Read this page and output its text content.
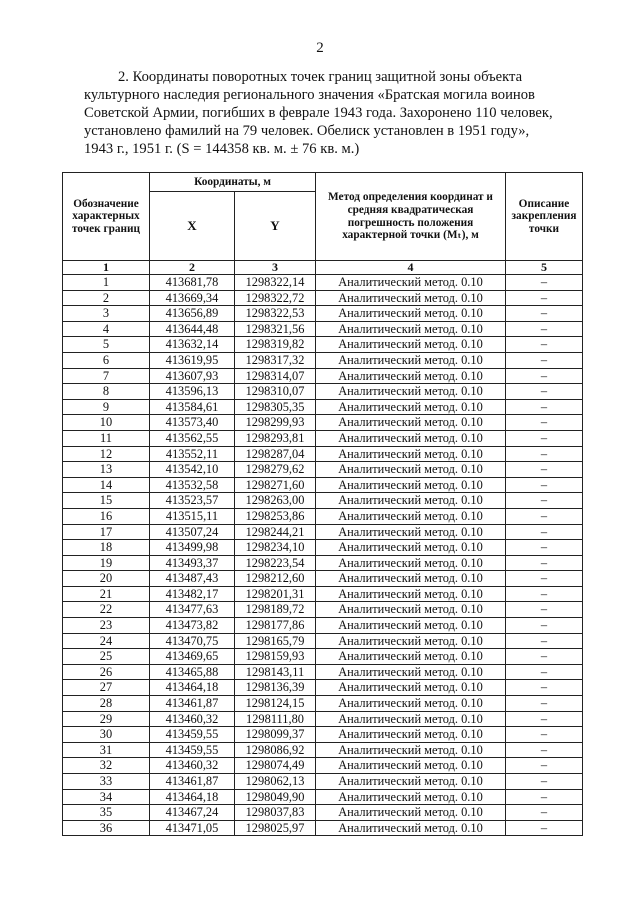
2
2. Координаты поворотных точек границ защитной зоны объекта
культурного наследия регионального значения «Братская могила воинов
Советской Армии, погибших в феврале 1943 года. Захоронено 110 человек,
установлено фамилий на 79 человек. Обелиск установлен в 1951 году»,
1943 г., 1951 г. (S = 144358 кв. м. ± 76 кв. м.)
Обозначение характерных точек границ	Координаты, м		Метод определения координат и средняя квадратическая погрешность положения характерной точки (Mₜ), м	Описание закрепления точки
	X	Y		
1	2	3	4	5
1	413681,78	1298322,14	Аналитический метод. 0.10	–
2	413669,34	1298322,72	Аналитический метод. 0.10	–
3	413656,89	1298322,53	Аналитический метод. 0.10	–
4	413644,48	1298321,56	Аналитический метод. 0.10	–
5	413632,14	1298319,82	Аналитический метод. 0.10	–
6	413619,95	1298317,32	Аналитический метод. 0.10	–
7	413607,93	1298314,07	Аналитический метод. 0.10	–
8	413596,13	1298310,07	Аналитический метод. 0.10	–
9	413584,61	1298305,35	Аналитический метод. 0.10	–
10	413573,40	1298299,93	Аналитический метод. 0.10	–
11	413562,55	1298293,81	Аналитический метод. 0.10	–
12	413552,11	1298287,04	Аналитический метод. 0.10	–
13	413542,10	1298279,62	Аналитический метод. 0.10	–
14	413532,58	1298271,60	Аналитический метод. 0.10	–
15	413523,57	1298263,00	Аналитический метод. 0.10	–
16	413515,11	1298253,86	Аналитический метод. 0.10	–
17	413507,24	1298244,21	Аналитический метод. 0.10	–
18	413499,98	1298234,10	Аналитический метод. 0.10	–
19	413493,37	1298223,54	Аналитический метод. 0.10	–
20	413487,43	1298212,60	Аналитический метод. 0.10	–
21	413482,17	1298201,31	Аналитический метод. 0.10	–
22	413477,63	1298189,72	Аналитический метод. 0.10	–
23	413473,82	1298177,86	Аналитический метод. 0.10	–
24	413470,75	1298165,79	Аналитический метод. 0.10	–
25	413469,65	1298159,93	Аналитический метод. 0.10	–
26	413465,88	1298143,11	Аналитический метод. 0.10	–
27	413464,18	1298136,39	Аналитический метод. 0.10	–
28	413461,87	1298124,15	Аналитический метод. 0.10	–
29	413460,32	1298111,80	Аналитический метод. 0.10	–
30	413459,55	1298099,37	Аналитический метод. 0.10	–
31	413459,55	1298086,92	Аналитический метод. 0.10	–
32	413460,32	1298074,49	Аналитический метод. 0.10	–
33	413461,87	1298062,13	Аналитический метод. 0.10	–
34	413464,18	1298049,90	Аналитический метод. 0.10	–
35	413467,24	1298037,83	Аналитический метод. 0.10	–
36	413471,05	1298025,97	Аналитический метод. 0.10	–
